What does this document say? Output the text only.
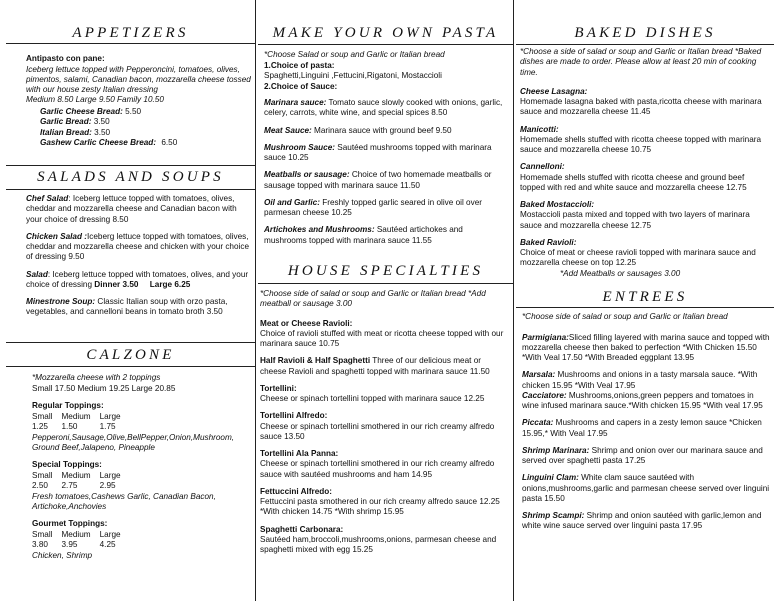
APPETIZERS
Antipasto con pane:
Iceberg lettuce topped with Pepperoncini, tomatoes, olives, pimentos, salami, Canadian bacon, mozzarella cheese tossed with our house zesty Italian dressing
Medium 8.50 Large 9.50 Family 10.50
Garlic Cheese Bread: 5.50
Garlic Bread: 3.50
Italian Bread: 3.50
Gashew Carlic Cheese Bread: 6.50
SALADS AND SOUPS
Chef Salad: Iceberg lettuce topped with tomatoes, olives, cheddar and mozzarella cheese and Canadian bacon with your choice of dressing 8.50
Chicken Salad :Iceberg lettuce topped with tomatoes, olives, cheddar and mozzarella cheese and chicken with your choice of dressing 9.50
Salad: Iceberg lettuce topped with tomatoes, olives, and your choice of dressing Dinner 3.50 Large 6.25
Minestrone Soup: Classic Italian soup with orzo pasta, vegetables, and cannelloni beans in tomato broth 3.50
CALZONE
*Mozzarella cheese with 2 toppings
Small 17.50 Medium 19.25 Large 20.85
Regular Toppings:
Small	Medium	Large
1.25	1.50	1.75
Pepperoni,Sausage,Olive,BellPepper,Onion,Mushroom, Ground Beef,Jalapeno, Pineapple
Special Toppings:
Small	Medium	Large
2.50	2.75	2.95
Fresh tomatoes,Cashews Garlic, Canadian Bacon, Artichoke,Anchovies
Gourmet Toppings:
Small	Medium	Large
3.80	3.95	4.25
Chicken, Shrimp
MAKE YOUR OWN PASTA
*Choose Salad or soup and Garlic or Italian bread
1.Choice of pasta:
Spaghetti,Linguini ,Fettucini,Rigatoni, Mostaccioli
2.Choice of Sauce:
Marinara sauce: Tomato sauce slowly cooked with onions, garlic, celery, carrots, white wine, and special spices 8.50
Meat Sauce: Marinara sauce with ground beef 9.50
Mushroom Sauce: Sautéed mushrooms topped with marinara sauce 10.25
Meatballs or sausage: Choice of two homemade meatballs or sausage topped with marinara sauce 11.50
Oil and Garlic: Freshly topped garlic seared in olive oil over parmesan cheese 10.25
Artichokes and Mushrooms: Sautéed artichokes and mushrooms topped with marinara sauce 11.55
HOUSE SPECIALTIES
*Choose side of salad or soup and Garlic or Italian bread *Add meatball or sausage 3.00
Meat or Cheese Ravioli:
Choice of ravioli stuffed with meat or ricotta cheese topped with our marinara sauce 10.75
Half Ravioli & Half Spaghetti Three of our delicious meat or cheese Ravioli and spaghetti topped with marinara sauce 11.50
Tortellini:
Cheese or spinach tortellini topped with marinara sauce 12.25
Tortellini Alfredo:
Cheese or spinach tortellini smothered in our rich creamy alfredo sauce 13.50
Tortellini Ala Panna:
Cheese or spinach tortellini smothered in our rich creamy alfredo sauce with sautéed mushrooms and ham 14.95
Fettuccini Alfredo:
Fettuccini pasta smothered in our rich creamy alfredo sauce 12.25 *With chicken 14.75 *With shrimp 15.95
Spaghetti Carbonara:
Sautéed ham,broccoli,mushrooms,onions, parmesan cheese and spaghetti mixed with egg 15.25
BAKED DISHES
*Choose a side of salad or soup and Garlic or Italian bread *Baked dishes are made to order. Please allow at least 20 min of cooking time.
Cheese Lasagna:
Homemade lasagna baked with pasta,ricotta cheese with marinara sauce and mozzarella cheese 11.45
Manicotti:
Homemade shells stuffed with ricotta cheese topped with marinara sauce and mozzarella cheese 10.75
Cannelloni:
Homemade shells stuffed with ricotta cheese and ground beef topped with red and white sauce and mozzarella cheese 12.75
Baked Mostaccioli:
Mostaccioli pasta mixed and topped with two layers of marinara sauce and mozzarella cheese 12.75
Baked Ravioli:
Choice of meat or cheese ravioli topped with marinara sauce and mozzarella cheese on top 12.25
*Add Meatballs or sausages 3.00
ENTREES
*Choose side of salad or soup and Garlic or Italian bread
Parmigiana:Sliced filling layered with marina sauce and topped with mozzarella cheese then baked to perfection *With Chicken 15.50 *With Veal 17.50 *With Breaded eggplant 13.95
Marsala: Mushrooms and onions in a tasty marsala sauce. *With chicken 15.95 *With Veal 17.95
Cacciatore: Mushrooms,onions,green peppers and tomatoes in wine infused marinara sauce.*With chicken 15.95 *With veal 17.95
Piccata: Mushrooms and capers in a zesty lemon sauce *Chicken 15.95,* With Veal 17.95
Shrimp Marinara: Shrimp and onion over our marinara sauce and served over spaghetti pasta 17.25
Linguini Clam: White clam sauce sautéed with onions,mushrooms,garlic and parmesan cheese served over linguini pasta 15.50
Shrimp Scampi: Shrimp and onion sautéed with garlic,lemon and white wine sauce served over linguini pasta 17.95
